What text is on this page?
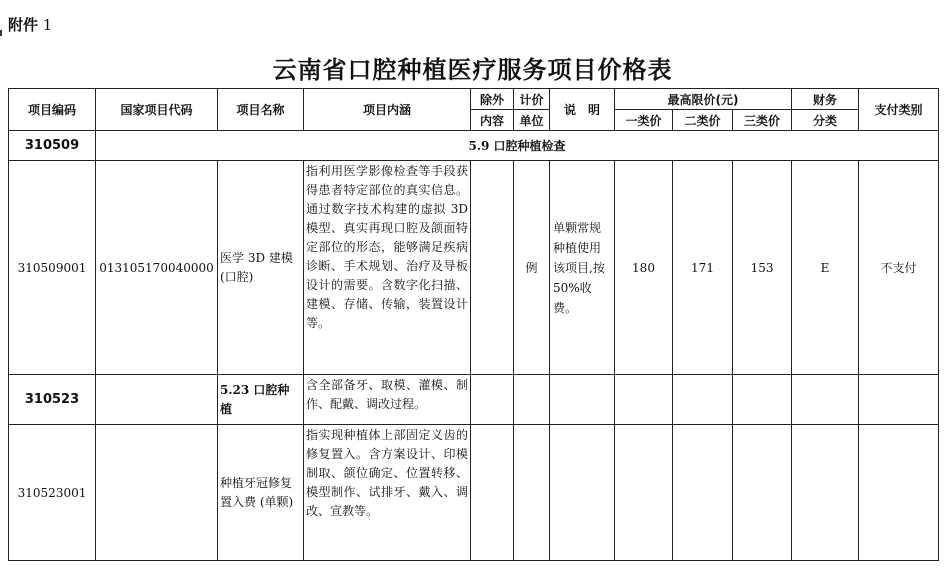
附件 1
云南省口腔种植医疗服务项目价格表
项目编码	国家项目代码	项目名称	项目内涵	除外	计价	说　明	最高限价(元)			财务	支付类别
				内容	单位		一类价	二类价	三类价	分类	
310509	5.9 口腔种植检查										
310509001	013105170040000	医学 3D 建模(口腔)	指利用医学影像检查等手段获得患者特定部位的真实信息。通过数字技术构建的虚拟 3D 模型、真实再现口腔及颌面特定部位的形态，能够满足疾病诊断、手术规划、治疗及导板设计的需要。含数字化扫描、建模、存储、传输，装置设计等。		例	单颗常规种植使用该项目,按50%收费。	180	171	153	E	不支付
310523		5.23 口腔种植	含全部备牙、取模、灌模、制作、配戴、调改过程。								
310523001		种植牙冠修复置入费 (单颗)	指实现种植体上部固定义齿的修复置入。含方案设计、印模制取、颌位确定、位置转移、模型制作、试排牙、戴入、调改、宣教等。								
